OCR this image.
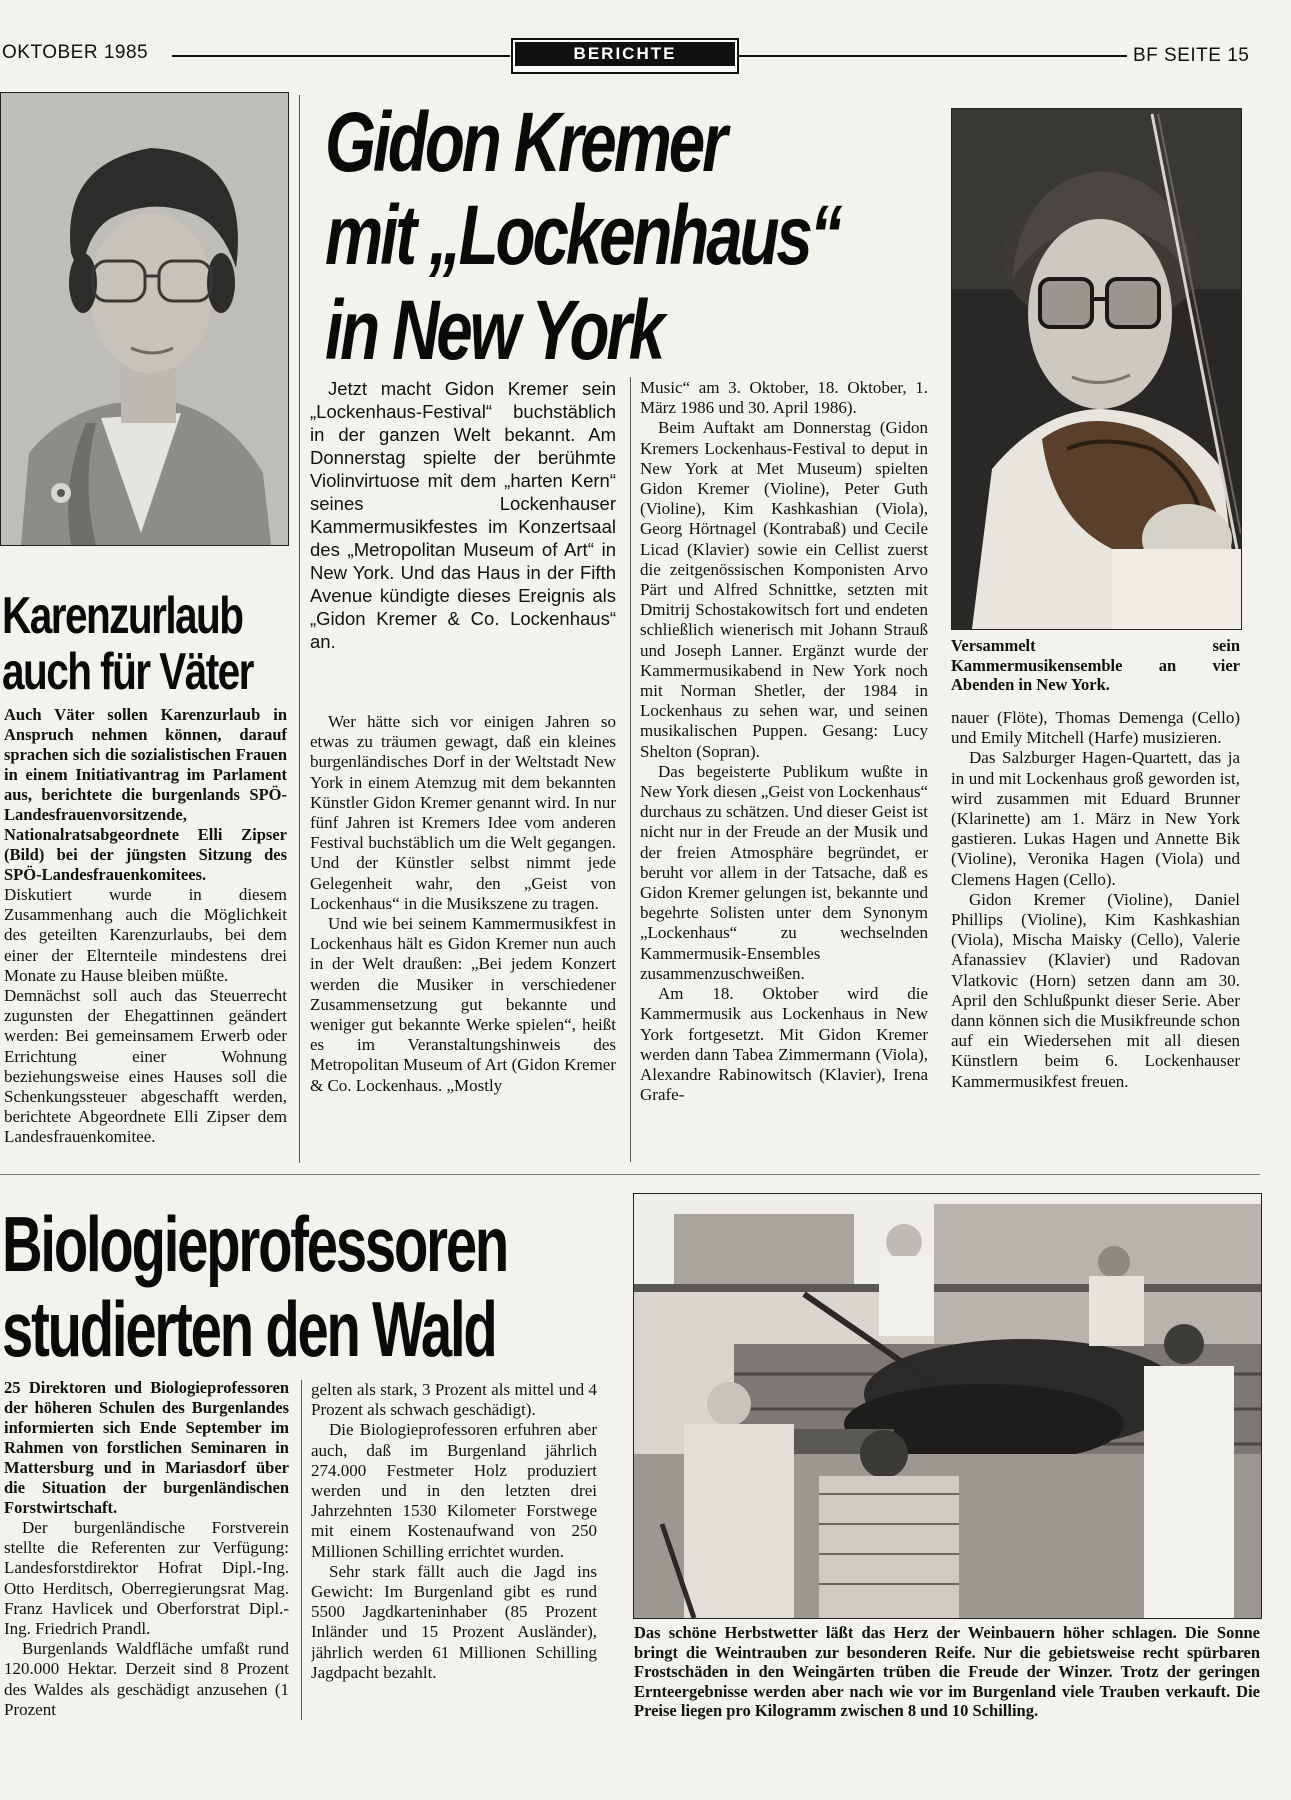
OKTOBER 1985	BERICHTE	BF SEITE 15
Karenzurlaub
auch für Väter

Auch Väter sollen Karenzurlaub in Anspruch nehmen können, darauf sprachen sich die sozialistischen Frauen in einem Initiativantrag im Parlament aus, berichtete die burgenlands SPÖ-Landesfrauenvorsitzende, Nationalratsabgeordnete Elli Zipser (Bild) bei der jüngsten Sitzung des SPÖ-Landesfrauenkomitees.

Diskutiert wurde in diesem Zusammenhang auch die Möglichkeit des geteilten Karenzurlaubs, bei dem einer der Elternteile mindestens drei Monate zu Hause bleiben müßte.

Demnächst soll auch das Steuerrecht zugunsten der Ehegattinnen geändert werden: Bei gemeinsamem Erwerb oder Errichtung einer Wohnung beziehungsweise eines Hauses soll die Schenkungssteuer abgeschafft werden, berichtete Abgeordnete Elli Zipser dem Landesfrauenkomitee.

Gidon Kremer
mit „Lockenhaus“
in New York

Jetzt macht Gidon Kremer sein „Lockenhaus-Festival“ buchstäblich in der ganzen Welt bekannt. Am Donnerstag spielte der berühmte Violinvirtuose mit dem „harten Kern“ seines Lockenhauser Kammermusikfestes im Konzertsaal des „Metropolitan Museum of Art“ in New York. Und das Haus in der Fifth Avenue kündigte dieses Ereignis als „Gidon Kremer & Co. Lockenhaus“ an.

Wer hätte sich vor einigen Jahren so etwas zu träumen gewagt, daß ein kleines burgenländisches Dorf in der Weltstadt New York in einem Atemzug mit dem bekannten Künstler Gidon Kremer genannt wird. In nur fünf Jahren ist Kremers Idee vom anderen Festival buchstäblich um die Welt gegangen. Und der Künstler selbst nimmt jede Gelegenheit wahr, den „Geist von Lockenhaus“ in die Musikszene zu tragen.

Und wie bei seinem Kammermusikfest in Lockenhaus hält es Gidon Kremer nun auch in der Welt draußen: „Bei jedem Konzert werden die Musiker in verschiedener Zusammensetzung gut bekannte und weniger gut bekannte Werke spielen“, heißt es im Veranstaltungshinweis des Metropolitan Museum of Art (Gidon Kremer & Co. Lockenhaus. „Mostly

Music“ am 3. Oktober, 18. Oktober, 1. März 1986 und 30. April 1986).

Beim Auftakt am Donnerstag (Gidon Kremers Lockenhaus-Festival to deput in New York at Met Museum) spielten Gidon Kremer (Violine), Peter Guth (Violine), Kim Kashkashian (Viola), Georg Hörtnagel (Kontrabaß) und Cecile Licad (Klavier) sowie ein Cellist zuerst die zeitgenössischen Komponisten Arvo Pärt und Alfred Schnittke, setzten mit Dmitrij Schostakowitsch fort und endeten schließlich wienerisch mit Johann Strauß und Joseph Lanner. Ergänzt wurde der Kammermusikabend in New York noch mit Norman Shetler, der 1984 in Lockenhaus zu sehen war, und seinen musikalischen Puppen. Gesang: Lucy Shelton (Sopran).

Das begeisterte Publikum wußte in New York diesen „Geist von Lockenhaus“ durchaus zu schätzen. Und dieser Geist ist nicht nur in der Freude an der Musik und der freien Atmosphäre begründet, er beruht vor allem in der Tatsache, daß es Gidon Kremer gelungen ist, bekannte und begehrte Solisten unter dem Synonym „Lockenhaus“ zu wechselnden Kammermusik-Ensembles zusammenzuschweißen.

Am 18. Oktober wird die Kammermusik aus Lockenhaus in New York fortgesetzt. Mit Gidon Kremer werden dann Tabea Zimmermann (Viola), Alexandre Rabinowitsch (Klavier), Irena Grafe-

Versammelt sein Kammermusikensemble an vier Abenden in New York.

nauer (Flöte), Thomas Demenga (Cello) und Emily Mitchell (Harfe) musizieren.

Das Salzburger Hagen-Quartett, das ja in und mit Lockenhaus groß geworden ist, wird zusammen mit Eduard Brunner (Klarinette) am 1. März in New York gastieren. Lukas Hagen und Annette Bik (Violine), Veronika Hagen (Viola) und Clemens Hagen (Cello).

Gidon Kremer (Violine), Daniel Phillips (Violine), Kim Kashkashian (Viola), Mischa Maisky (Cello), Valerie Afanassiev (Klavier) und Radovan Vlatkovic (Horn) setzen dann am 30. April den Schlußpunkt dieser Serie. Aber dann können sich die Musikfreunde schon auf ein Wiedersehen mit all diesen Künstlern beim 6. Lockenhauser Kammermusikfest freuen.

Biologieprofessoren
studierten den Wald

25 Direktoren und Biologieprofessoren der höheren Schulen des Burgenlandes informierten sich Ende September im Rahmen von forstlichen Seminaren in Mattersburg und in Mariasdorf über die Situation der burgenländischen Forstwirtschaft.

Der burgenländische Forstverein stellte die Referenten zur Verfügung: Landesforstdirektor Hofrat Dipl.-Ing. Otto Herditsch, Oberregierungsrat Mag. Franz Havlicek und Oberforstrat Dipl.-Ing. Friedrich Prandl.

Burgenlands Waldfläche umfaßt rund 120.000 Hektar. Derzeit sind 8 Prozent des Waldes als geschädigt anzusehen (1 Prozent

gelten als stark, 3 Prozent als mittel und 4 Prozent als schwach geschädigt).

Die Biologieprofessoren erfuhren aber auch, daß im Burgenland jährlich 274.000 Festmeter Holz produziert werden und in den letzten drei Jahrzehnten 1530 Kilometer Forstwege mit einem Kostenaufwand von 250 Millionen Schilling errichtet wurden.

Sehr stark fällt auch die Jagd ins Gewicht: Im Burgenland gibt es rund 5500 Jagdkarteninhaber (85 Prozent Inländer und 15 Prozent Ausländer), jährlich werden 61 Millionen Schilling Jagdpacht bezahlt.

Das schöne Herbstwetter läßt das Herz der Weinbauern höher schlagen. Die Sonne bringt die Weintrauben zur besonderen Reife. Nur die gebietsweise recht spürbaren Frostschäden in den Weingärten trüben die Freude der Winzer. Trotz der geringen Ernteergebnisse werden aber nach wie vor im Burgenland viele Trauben verkauft. Die Preise liegen pro Kilogramm zwischen 8 und 10 Schilling.
